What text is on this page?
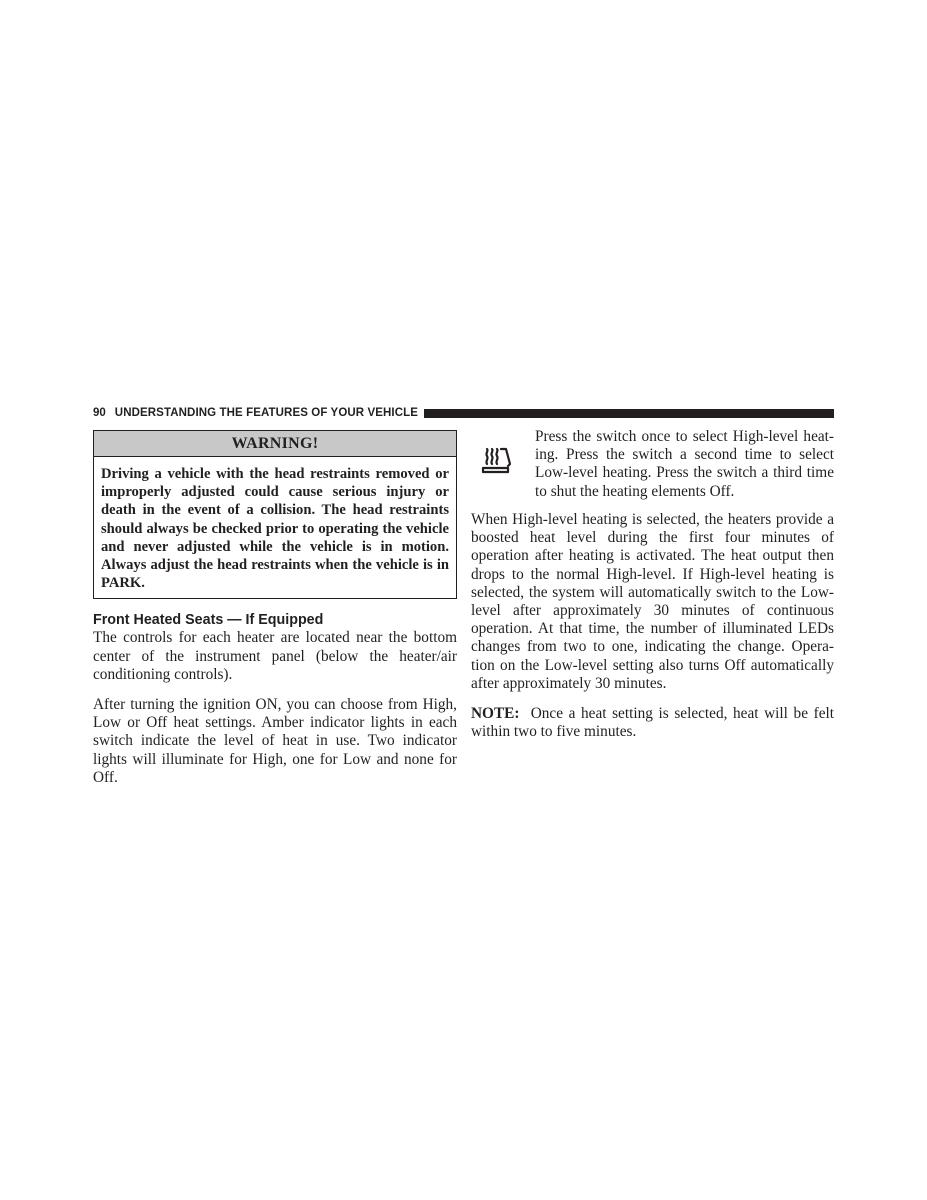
90 UNDERSTANDING THE FEATURES OF YOUR VEHICLE
WARNING!
Driving a vehicle with the head restraints removed or improperly adjusted could cause serious injury or death in the event of a collision. The head restraints should always be checked prior to operating the vehicle and never adjusted while the vehicle is in motion. Always adjust the head restraints when the vehicle is in PARK.
Front Heated Seats — If Equipped

The controls for each heater are located near the bottom center of the instrument panel (below the heater/air conditioning controls).

After turning the ignition ON, you can choose from High, Low or Off heat settings. Amber indicator lights in each switch indicate the level of heat in use. Two indicator lights will illuminate for High, one for Low and none for Off.

Press the switch once to select High-level heat-ing. Press the switch a second time to select Low-level heating. Press the switch a third time to shut the heating elements Off.

When High-level heating is selected, the heaters provide a boosted heat level during the first four minutes of operation after heating is activated. The heat output then drops to the normal High-level. If High-level heating is selected, the system will automatically switch to the Low-level after approximately 30 minutes of continuous operation. At that time, the number of illuminated LEDs changes from two to one, indicating the change. Opera-tion on the Low-level setting also turns Off automatically after approximately 30 minutes.

NOTE: Once a heat setting is selected, heat will be felt within two to five minutes.
